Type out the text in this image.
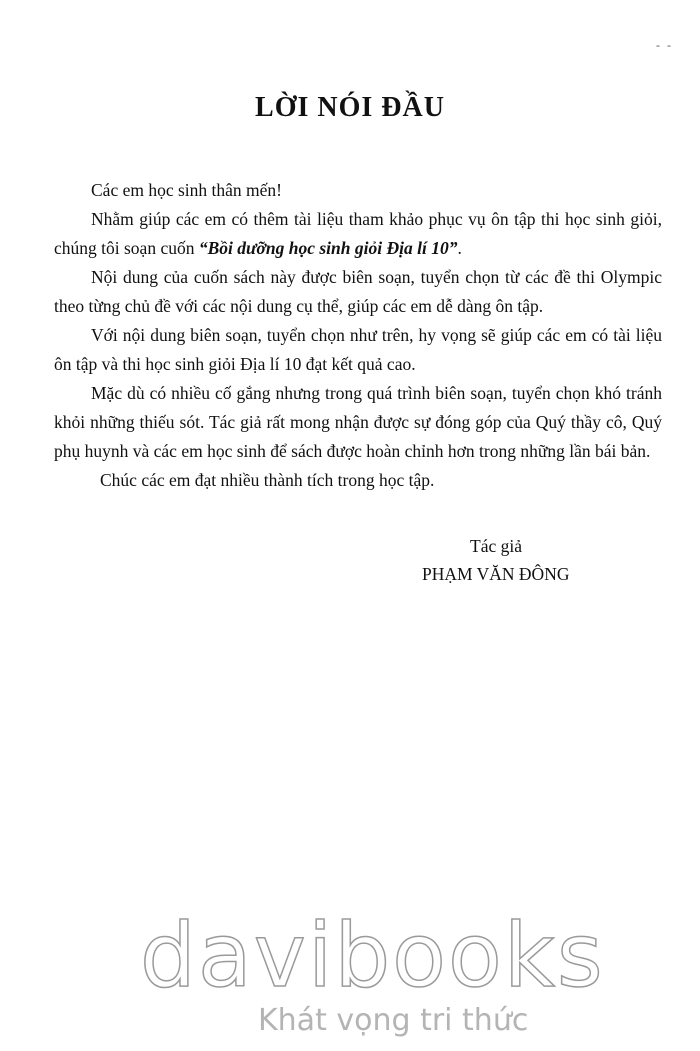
- -
LỜI NÓI ĐẦU

Các em học sinh thân mến!

Nhằm giúp các em có thêm tài liệu tham khảo phục vụ ôn tập thi học sinh giỏi, chúng tôi soạn cuốn “Bồi dưỡng học sinh giỏi Địa lí 10”.

Nội dung của cuốn sách này được biên soạn, tuyển chọn từ các đề thi Olympic theo từng chủ đề với các nội dung cụ thể, giúp các em dễ dàng ôn tập.

Với nội dung biên soạn, tuyển chọn như trên, hy vọng sẽ giúp các em có tài liệu ôn tập và thi học sinh giỏi Địa lí 10 đạt kết quả cao.

Mặc dù có nhiều cố gắng nhưng trong quá trình biên soạn, tuyển chọn khó tránh khỏi những thiếu sót. Tác giả rất mong nhận được sự đóng góp của Quý thầy cô, Quý phụ huynh và các em học sinh để sách được hoàn chỉnh hơn trong những lần bái bản.

Chúc các em đạt nhiều thành tích trong học tập.

Tác giả
PHẠM VĂN ĐÔNG
davibooks
Khát vọng tri thức
